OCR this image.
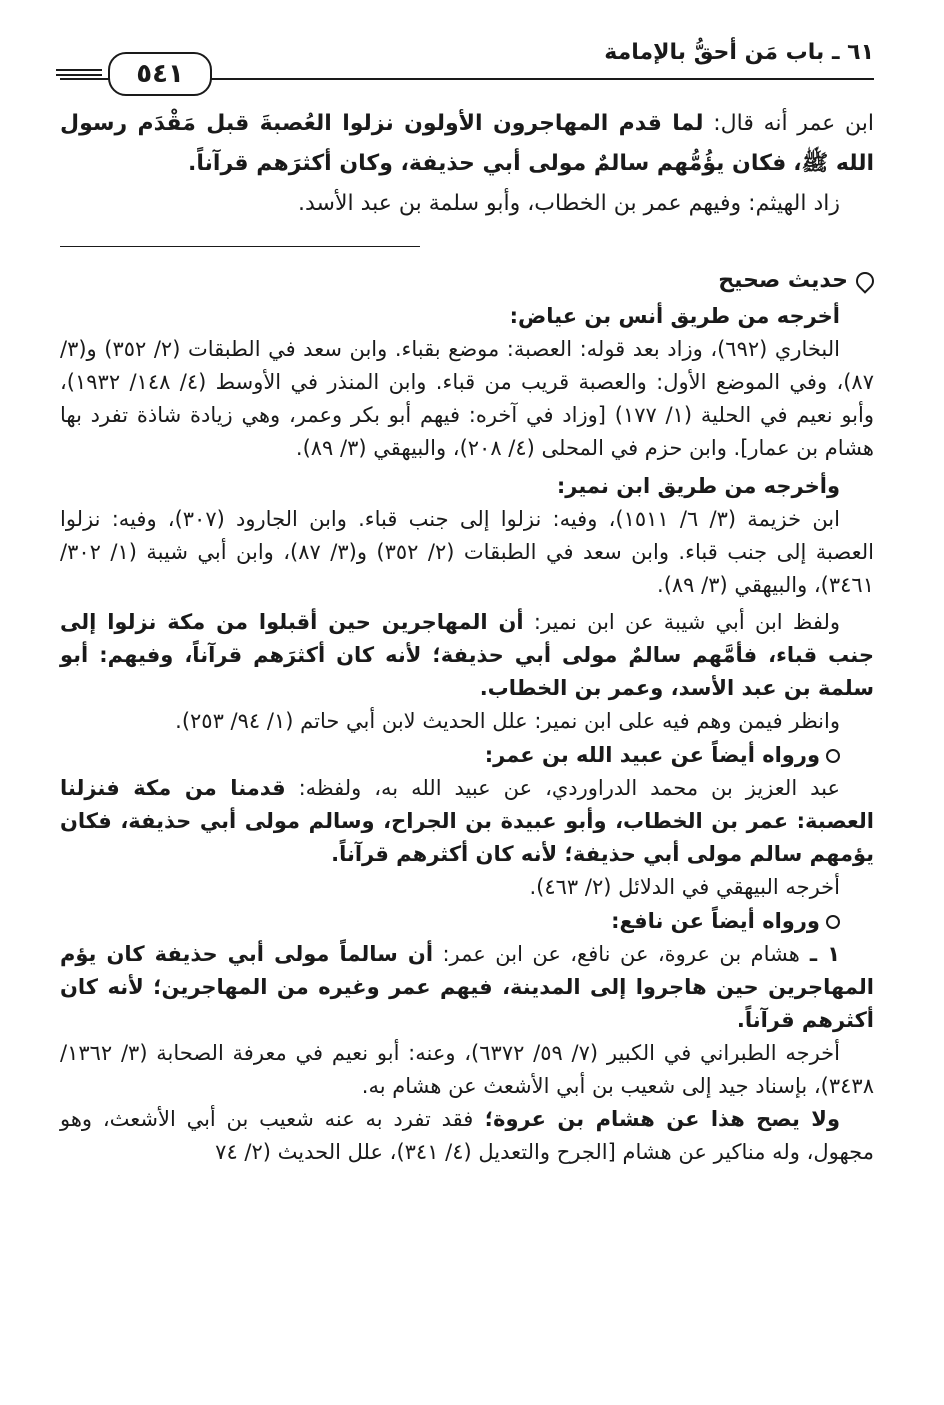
٦١ ـ باب مَن أحقُّ بالإمامة
٥٤١

ابن عمر أنه قال: لما قدم المهاجرون الأولون نزلوا العُصبةَ قبل مَقْدَم رسول الله ﷺ، فكان يؤُمُّهم سالمٌ مولى أبي حذيفة، وكان أكثرَهم قرآناً.

زاد الهيثم: وفيهم عمر بن الخطاب، وأبو سلمة بن عبد الأسد.

حديث صحيح
أخرجه من طريق أنس بن عياض:

البخاري (٦٩٢)، وزاد بعد قوله: العصبة: موضع بقباء. وابن سعد في الطبقات (٢/ ٣٥٢) و(٣/ ٨٧)، وفي الموضع الأول: والعصبة قريب من قباء. وابن المنذر في الأوسط (٤/ ١٤٨/ ١٩٣٢)، وأبو نعيم في الحلية (١/ ١٧٧) [وزاد في آخره: فيهم أبو بكر وعمر، وهي زيادة شاذة تفرد بها هشام بن عمار]. وابن حزم في المحلى (٤/ ٢٠٨)، والبيهقي (٣/ ٨٩).

وأخرجه من طريق ابن نمير:

ابن خزيمة (٣/ ٦/ ١٥١١)، وفيه: نزلوا إلى جنب قباء. وابن الجارود (٣٠٧)، وفيه: نزلوا العصبة إلى جنب قباء. وابن سعد في الطبقات (٢/ ٣٥٢) و(٣/ ٨٧)، وابن أبي شيبة (١/ ٣٠٢/ ٣٤٦١)، والبيهقي (٣/ ٨٩).

ولفظ ابن أبي شيبة عن ابن نمير: أن المهاجرين حين أقبلوا من مكة نزلوا إلى جنب قباء، فأمَّهم سالمٌ مولى أبي حذيفة؛ لأنه كان أكثرَهم قرآناً، وفيهم: أبو سلمة بن عبد الأسد، وعمر بن الخطاب.

وانظر فيمن وهم فيه على ابن نمير: علل الحديث لابن أبي حاتم (١/ ٩٤/ ٢٥٣).

ورواه أيضاً عن عبيد الله بن عمر:

عبد العزيز بن محمد الدراوردي، عن عبيد الله به، ولفظه: قدمنا من مكة فنزلنا العصبة: عمر بن الخطاب، وأبو عبيدة بن الجراح، وسالم مولى أبي حذيفة، فكان يؤمهم سالم مولى أبي حذيفة؛ لأنه كان أكثرهم قرآناً.

أخرجه البيهقي في الدلائل (٢/ ٤٦٣).

ورواه أيضاً عن نافع:

١ ـ هشام بن عروة، عن نافع، عن ابن عمر: أن سالماً مولى أبي حذيفة كان يؤم المهاجرين حين هاجروا إلى المدينة، فيهم عمر وغيره من المهاجرين؛ لأنه كان أكثرهم قرآناً.

أخرجه الطبراني في الكبير (٧/ ٥٩/ ٦٣٧٢)، وعنه: أبو نعيم في معرفة الصحابة (٣/ ١٣٦٢/ ٣٤٣٨)، بإسناد جيد إلى شعيب بن أبي الأشعث عن هشام به.

ولا يصح هذا عن هشام بن عروة؛ فقد تفرد به عنه شعيب بن أبي الأشعث، وهو مجهول، وله مناكير عن هشام [الجرح والتعديل (٤/ ٣٤١)، علل الحديث (٢/ ٧٤
